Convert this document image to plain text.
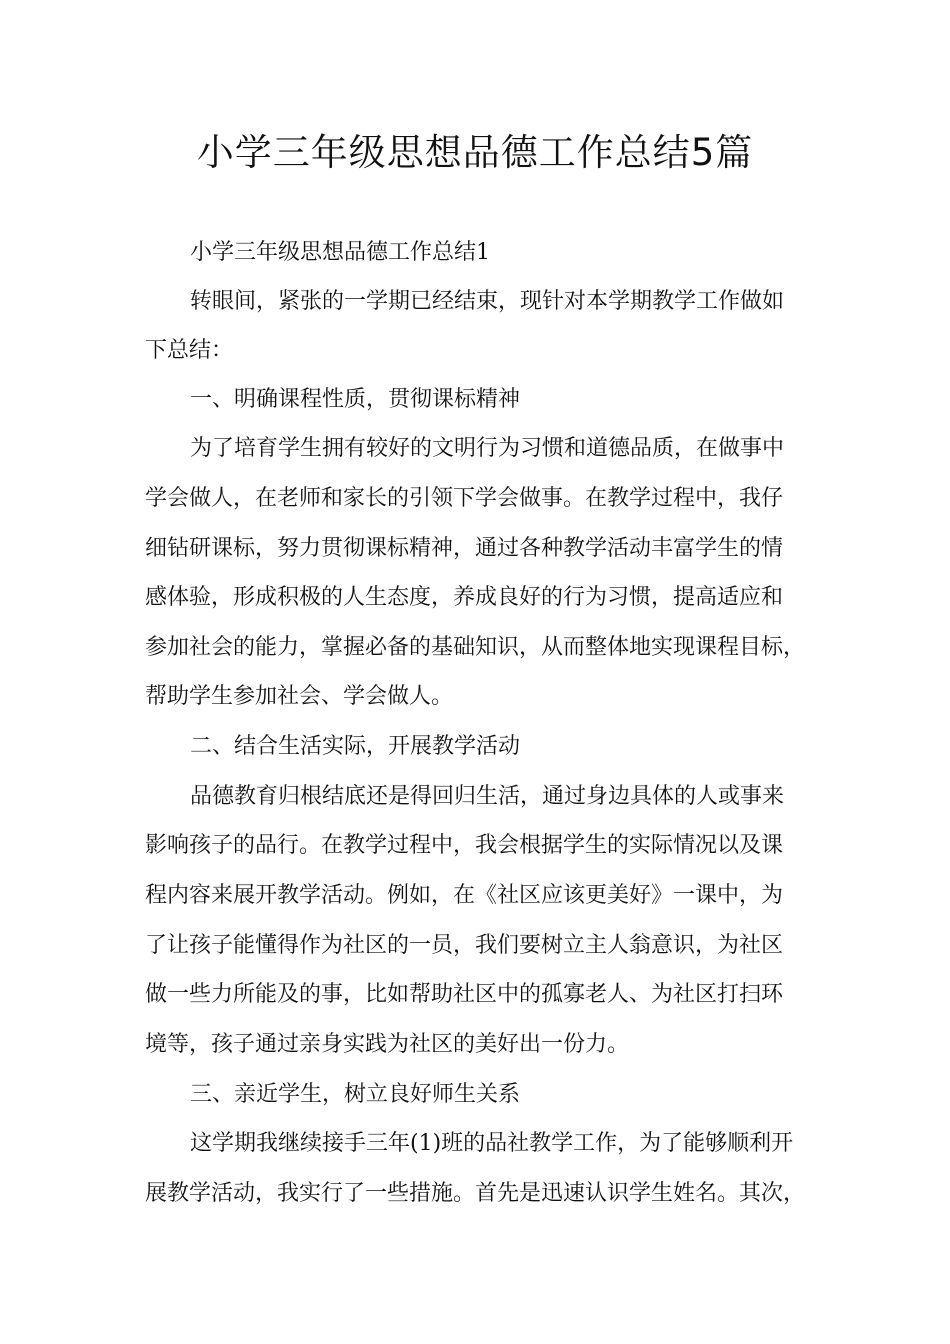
小学三年级思想品德工作总结5篇

小学三年级思想品德工作总结1

转眼间，紧张的一学期已经结束，现针对本学期教学工作做如

下总结：

一、明确课程性质，贯彻课标精神

为了培育学生拥有较好的文明行为习惯和道德品质，在做事中

学会做人，在老师和家长的引领下学会做事。在教学过程中，我仔

细钻研课标，努力贯彻课标精神，通过各种教学活动丰富学生的情

感体验，形成积极的人生态度，养成良好的行为习惯，提高适应和

参加社会的能力，掌握必备的基础知识，从而整体地实现课程目标，

帮助学生参加社会、学会做人。

二、结合生活实际，开展教学活动

品德教育归根结底还是得回归生活，通过身边具体的人或事来

影响孩子的品行。在教学过程中，我会根据学生的实际情况以及课

程内容来展开教学活动。例如，在《社区应该更美好》一课中，为

了让孩子能懂得作为社区的一员，我们要树立主人翁意识，为社区

做一些力所能及的事，比如帮助社区中的孤寡老人、为社区打扫环

境等，孩子通过亲身实践为社区的美好出一份力。

三、亲近学生，树立良好师生关系

这学期我继续接手三年(1)班的品社教学工作，为了能够顺利开

展教学活动，我实行了一些措施。首先是迅速认识学生姓名。其次，
